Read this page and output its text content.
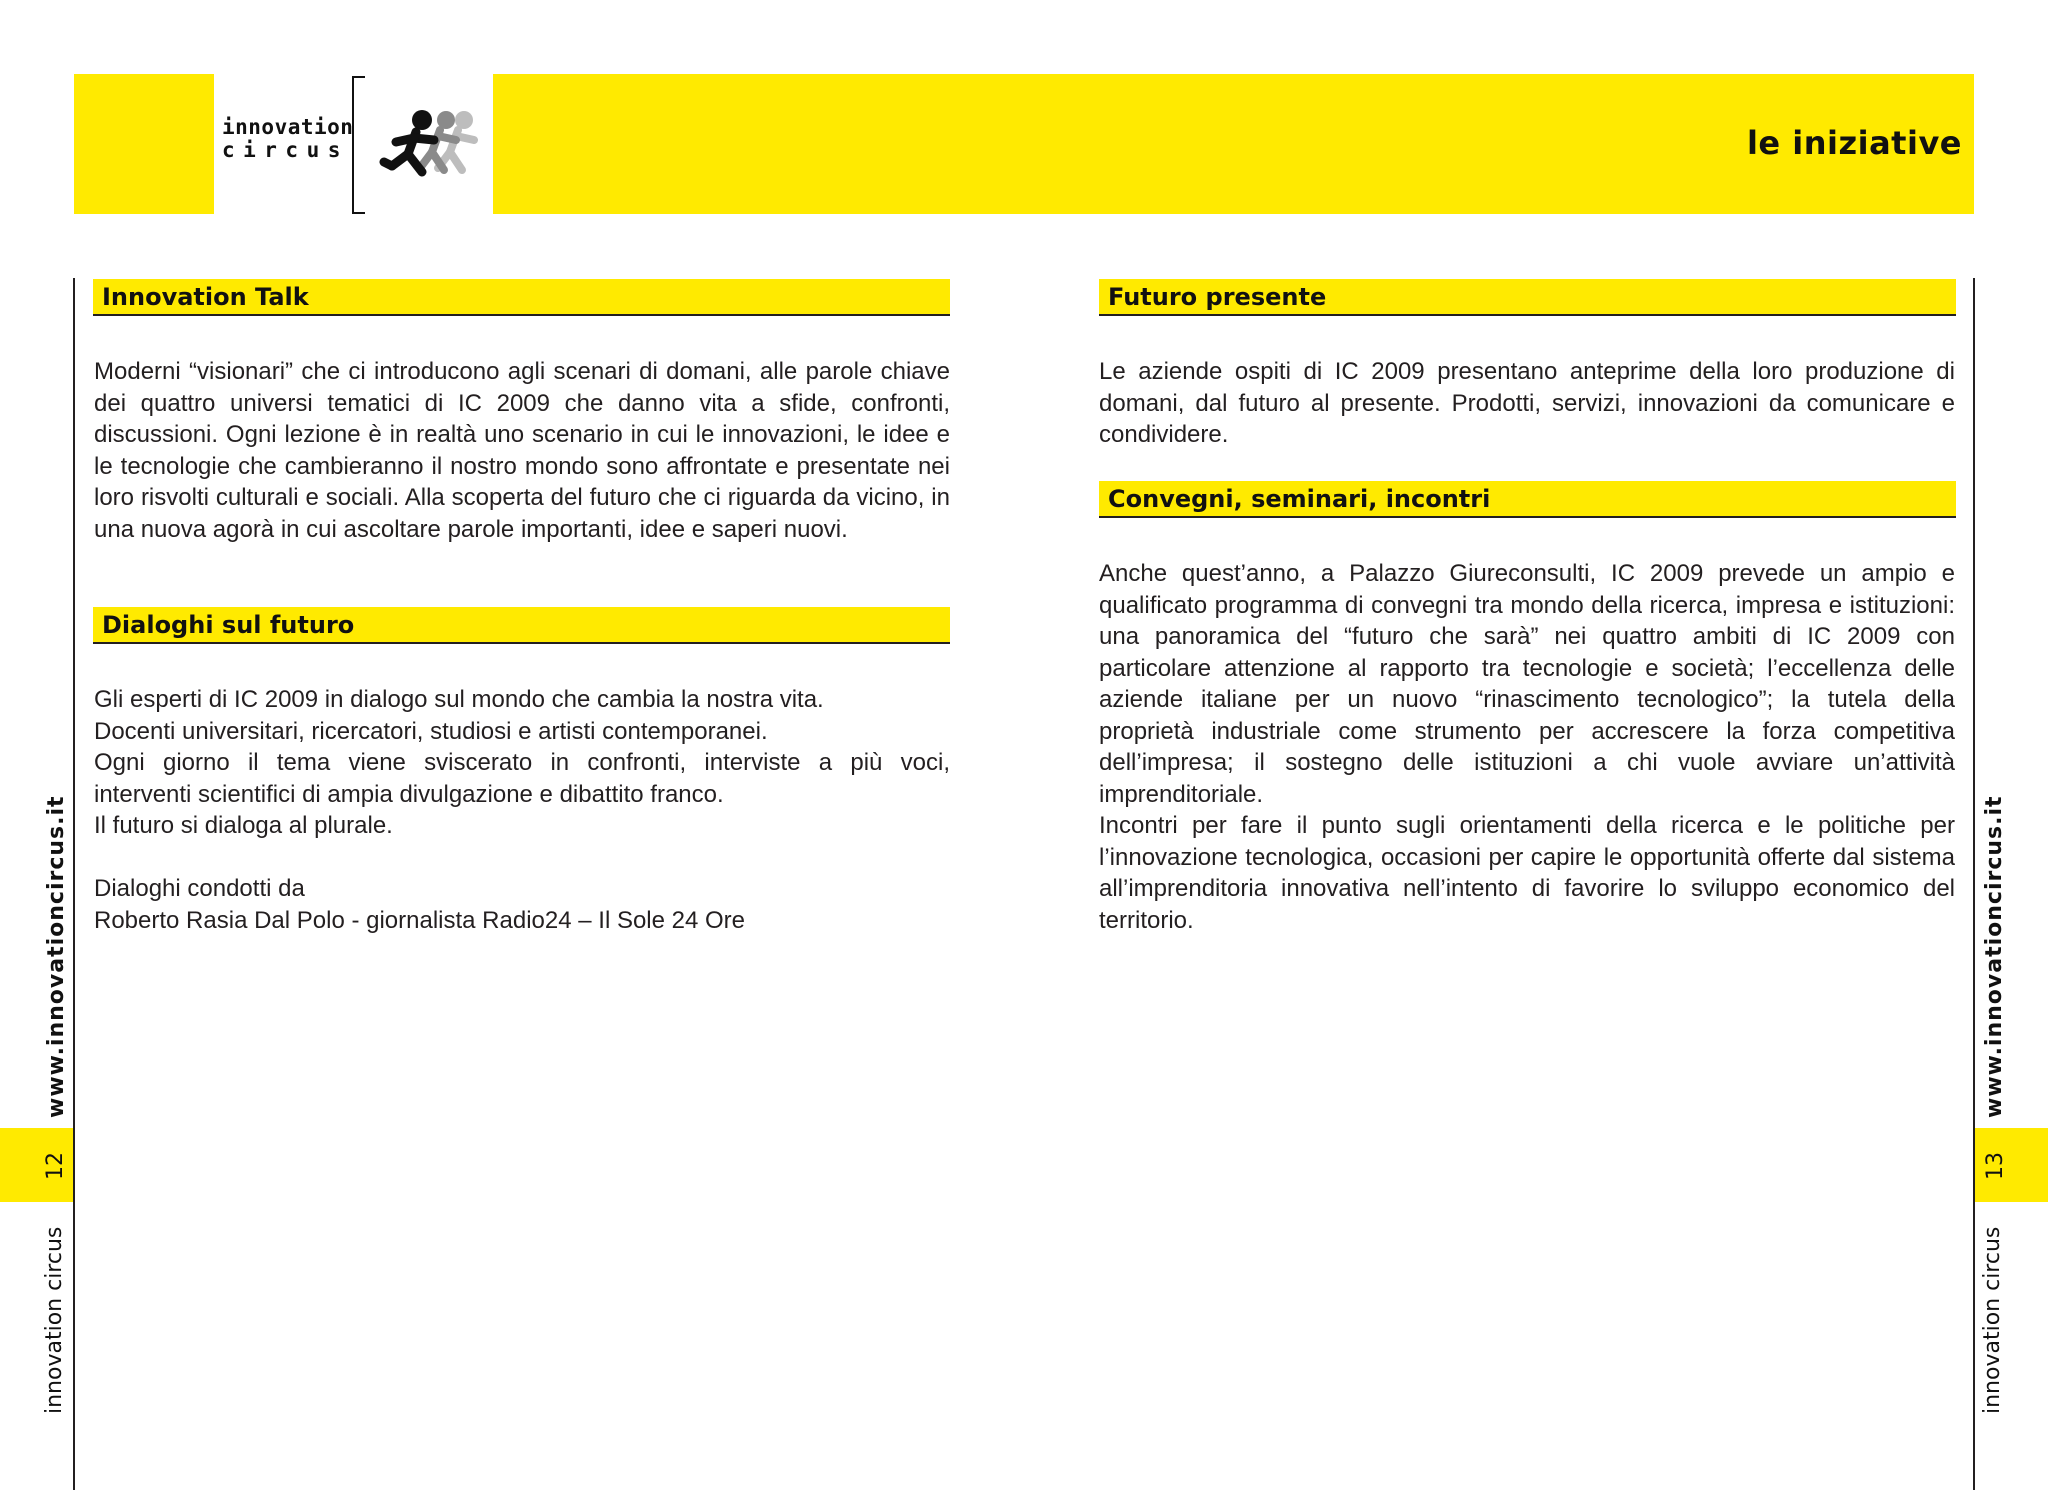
innovation
circus	le iniziative
www.innovationcircus.it
12
innovation circus
www.innovationcircus.it
13
innovation circus
Innovation Talk

Moderni “visionari” che ci introducono agli scenari di domani, alle parole chiave dei quattro universi tematici di IC 2009 che danno vita a sfide, confronti, discussioni. Ogni lezione è in realtà uno scenario in cui le innovazioni, le idee e le tecnologie che cambieranno il nostro mondo sono affrontate e presentate nei loro risvolti culturali e sociali. Alla scoperta del futuro che ci riguarda da vicino, in una nuova agorà in cui ascoltare parole importanti, idee e saperi nuovi.

Dialoghi sul futuro
Gli esperti di IC 2009 in dialogo sul mondo che cambia la nostra vita.
Docenti universitari, ricercatori, studiosi e artisti contemporanei.
Ogni giorno il tema viene sviscerato in confronti, interviste a più voci,
interventi scientifici di ampia divulgazione e dibattito franco.
Il futuro si dialoga al plurale.
Dialoghi condotti da
Roberto Rasia Dal Polo - giornalista Radio24 – Il Sole 24 Ore
Futuro presente

Le aziende ospiti di IC 2009 presentano anteprime della loro produzione di domani, dal futuro al presente. Prodotti, servizi, innovazioni da comunicare e condividere.

Convegni, seminari, incontri
Anche quest’anno, a Palazzo Giureconsulti, IC 2009 prevede un ampio e qualificato programma di convegni tra mondo della ricerca, impresa e istituzioni: una panoramica del “futuro che sarà” nei quattro ambiti di IC 2009 con particolare attenzione al rapporto tra tecnologie e società; l’eccellenza delle aziende italiane per un nuovo “rinascimento tecnologico”; la tutela della proprietà industriale come strumento per accrescere la forza competitiva dell’impresa; il sostegno delle istituzioni a chi vuole avviare un’attività imprenditoriale.
Incontri per fare il punto sugli orientamenti della ricerca e le politiche per l’innovazione tecnologica, occasioni per capire le opportunità offerte dal sistema all’imprenditoria innovativa nell’intento di favorire lo sviluppo economico del territorio.
